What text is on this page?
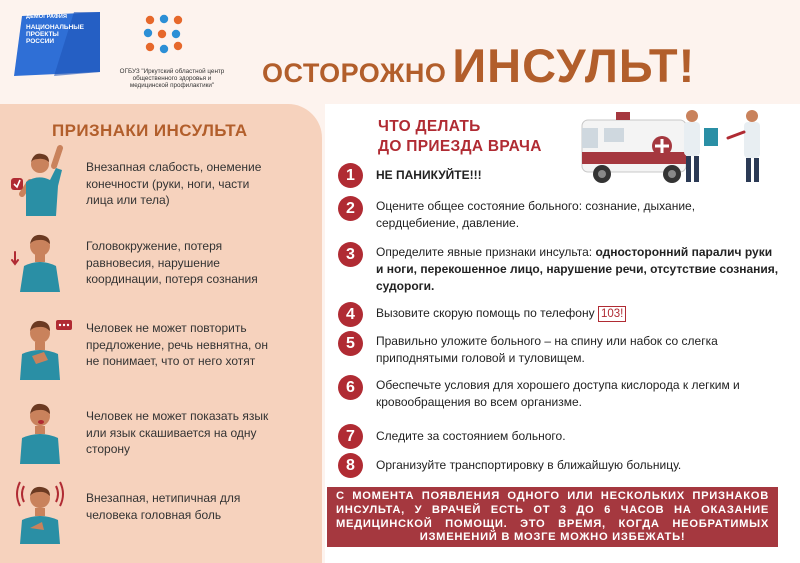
ДЕМОГРАФИЯ
НАЦИОНАЛЬНЫЕ
ПРОЕКТЫ
РОССИИ
ОГБУЗ "Иркутский областной центр
общественного здоровья и
медицинской профилактики"	ОСТОРОЖНО ИНСУЛЬТ!
ПРИЗНАКИ ИНСУЛЬТА
Внезапная слабость, онемение
конечности (руки, ноги, части
лица или тела)
Головокружение, потеря
равновесия, нарушение
координации, потеря сознания
Человек не может повторить
предложение, речь невнятна, он
не понимает, что от него хотят
Человек не может показать язык
или язык скашивается на одну
сторону
Внезапная, нетипичная для
человека головная боль
ЧТО ДЕЛАТЬ
ДО ПРИЕЗДА ВРАЧА
1	НЕ ПАНИКУЙТЕ!!!
2	Оцените общее состояние больного: сознание, дыхание, сердцебиение, давление.
3	Определите явные признаки инсульта: односторонний паралич руки и ноги, перекошенное лицо, нарушение речи, отсутствие сознания, судороги.
4	Вызовите скорую помощь по телефону 103!
5	Правильно уложите больного – на спину или набок со слегка приподнятыми головой и туловищем.
6	Обеспечьте условия для хорошего доступа кислорода к легким и кровообращения во всем организме.
7	Следите за состоянием больного.
8	Организуйте транспортировку в ближайшую больницу.
С МОМЕНТА ПОЯВЛЕНИЯ ОДНОГО ИЛИ НЕСКОЛЬКИХ ПРИЗНАКОВ ИНСУЛЬТА, У ВРАЧЕЙ ЕСТЬ ОТ 3 ДО 6 ЧАСОВ НА ОКАЗАНИЕ МЕДИЦИНСКОЙ ПОМОЩИ. ЭТО ВРЕМЯ, КОГДА НЕОБРАТИМЫХ ИЗМЕНЕНИЙ В МОЗГЕ МОЖНО ИЗБЕЖАТЬ!
